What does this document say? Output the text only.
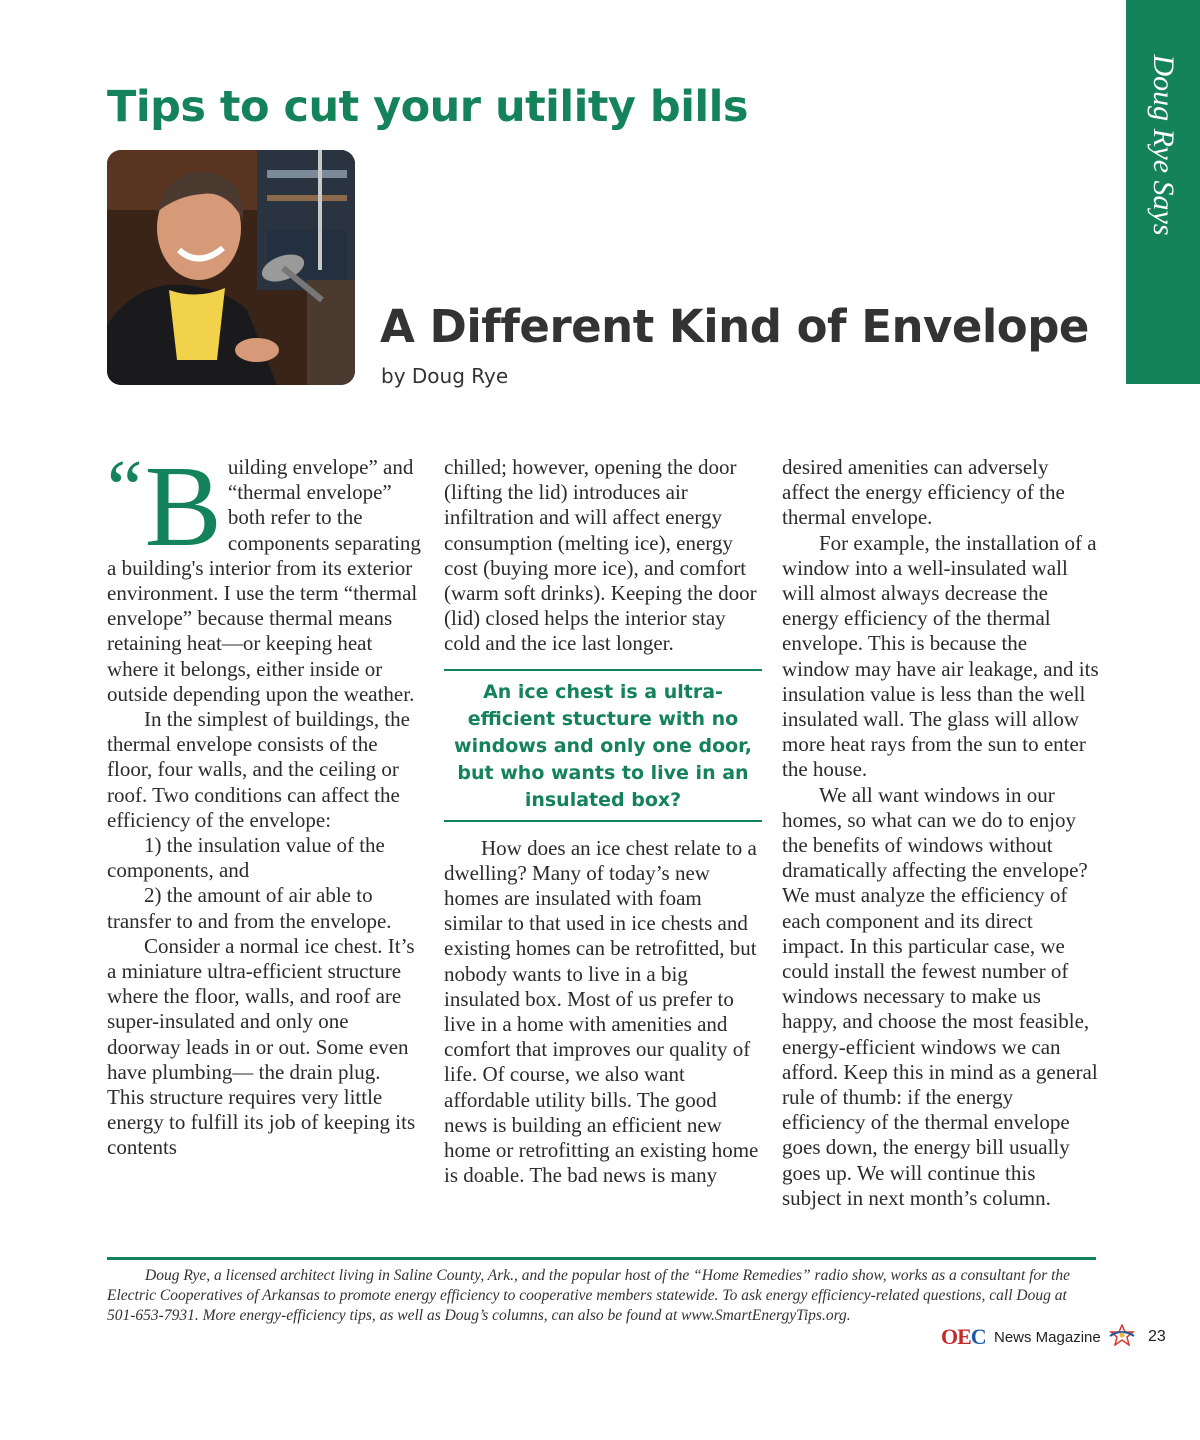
Doug Rye Says
Tips to cut your utility bills
A Different Kind of Envelope
by Doug Rye
“ B uilding envelope” and “thermal envelope” both refer to the components separating a building's interior from its exterior environment. I use the term “thermal envelope” because thermal means retaining heat—or keeping heat where it belongs, either inside or outside depending upon the weather.

In the simplest of buildings, the thermal envelope consists of the floor, four walls, and the ceiling or roof. Two conditions can affect the efficiency of the envelope:

1) the insulation value of the components, and

2) the amount of air able to transfer to and from the envelope.

Consider a normal ice chest. It’s a miniature ultra-efficient structure where the floor, walls, and roof are super-insulated and only one doorway leads in or out. Some even have plumbing— the drain plug. This structure requires very little energy to fulfill its job of keeping its contents

chilled; however, opening the door (lifting the lid) introduces air infiltration and will affect energy consumption (melting ice), energy cost (buying more ice), and comfort (warm soft drinks). Keeping the door (lid) closed helps the interior stay cold and the ice last longer.

An ice chest is a ultra-efficient stucture with no windows and only one door, but who wants to live in an insulated box?

How does an ice chest relate to a dwelling? Many of today’s new homes are insulated with foam similar to that used in ice chests and existing homes can be retrofitted, but nobody wants to live in a big insulated box. Most of us prefer to live in a home with amenities and comfort that improves our quality of life. Of course, we also want affordable utility bills. The good news is building an efficient new home or retrofitting an existing home is doable. The bad news is many

desired amenities can adversely affect the energy efficiency of the thermal envelope.

For example, the installation of a window into a well-insulated wall will almost always decrease the energy efficiency of the thermal envelope. This is because the window may have air leakage, and its insulation value is less than the well insulated wall. The glass will allow more heat rays from the sun to enter the house.

We all want windows in our homes, so what can we do to enjoy the benefits of windows without dramatically affecting the envelope? We must analyze the efficiency of each component and its direct impact. In this particular case, we could install the fewest number of windows necessary to make us happy, and choose the most feasible, energy-efficient windows we can afford. Keep this in mind as a general rule of thumb: if the energy efficiency of the thermal envelope goes down, the energy bill usually goes up. We will continue this subject in next month’s column.

Doug Rye, a licensed architect living in Saline County, Ark., and the popular host of the “Home Remedies” radio show, works as a consultant for the Electric Cooperatives of Arkansas to promote energy efficiency to cooperative members statewide. To ask energy efficiency-related questions, call Doug at 501-653-7931. More energy-efficiency tips, as well as Doug’s columns, can also be found at www.SmartEnergyTips.org.
OEC News Magazine	23
